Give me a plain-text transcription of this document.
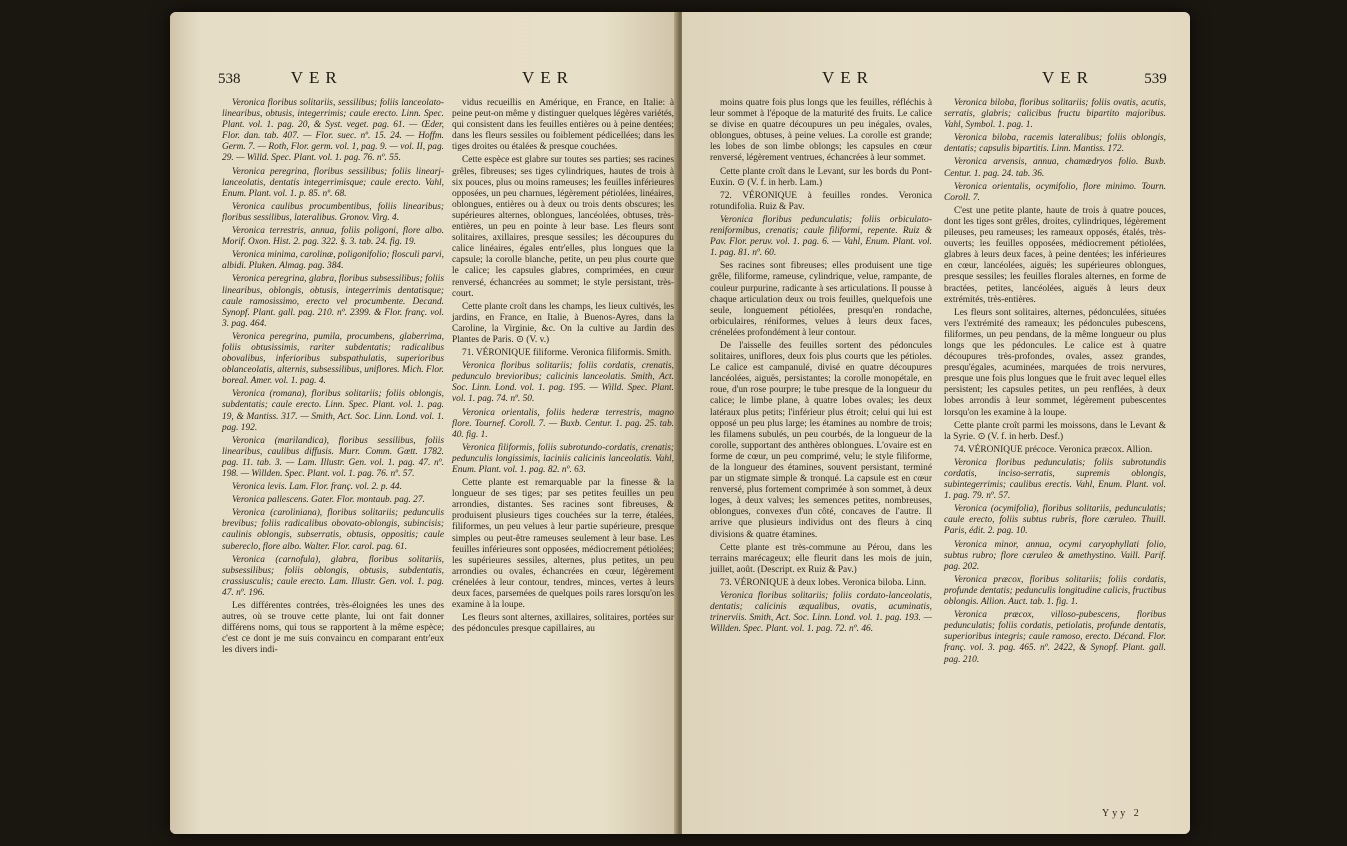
538	VER	VER

Veronica floribus solitariis, sessilibus; foliis lanceolato-linearibus, obtusis, integerrimis; caule erecto. Linn. Spec. Plant. vol. 1. pag. 20, & Syst. veget. pag. 61. — Œder, Flor. dan. tab. 407. — Flor. suec. nº. 15. 24. — Hoffm. Germ. 7. — Roth, Flor. germ. vol. 1, pag. 9. — vol. II, pag. 29. — Willd. Spec. Plant. vol. 1. pag. 76. nº. 55.

Veronica peregrina, floribus sessilibus; foliis linearj-lanceolatis, dentatis integerrimisque; caule erecto. Vahl, Enum. Plant. vol. 1. p. 85. nº. 68.

Veronica caulibus procumbentibus, foliis linearibus; floribus sessilibus, lateralibus. Gronov. Virg. 4.

Veronica terrestris, annua, foliis poligoni, flore albo. Morif. Oxon. Hist. 2. pag. 322. §. 3. tab. 24. fig. 19.

Veronica minima, carolinæ, poligonifolio; flosculi parvi, albidi. Pluken. Almag. pag. 384.

Veronica peregrina, glabra, floribus subsessilibus; foliis linearibus, oblongis, obtusis, integerrimis dentatisque; caule ramosissimo, erecto vel procumbente. Decand. Synopf. Plant. gall. pag. 210. nº. 2399. & Flor. franç. vol. 3. pag. 464.

Veronica peregrina, pumila, procumbens, glaberrima, foliis obtusissimis, rariter subdentatis; radicalibus obovalibus, inferioribus subspathulatis, superioribus oblanceolatis, alternis, subsessilibus, uniflores. Mich. Flor. boreal. Amer. vol. 1. pag. 4.

Veronica (romana), floribus solitariis; foliis oblongis, subdentatis; caule erecto. Linn. Spec. Plant. vol. 1. pag. 19, & Mantiss. 317. — Smith, Act. Soc. Linn. Lond. vol. 1. pag. 192.

Veronica (marilandica), floribus sessilibus, foliis linearibus, caulibus diffusis. Murr. Comm. Gœtt. 1782. pag. 11. tab. 3. — Lam. Illustr. Gen. vol. 1. pag. 47. nº. 198. — Willden. Spec. Plant. vol. 1. pag. 76. nº. 57.

Veronica levis. Lam. Flor. franç. vol. 2. p. 44.

Veronica pallescens. Gater. Flor. montaub. pag. 27.

Veronica (caroliniana), floribus solitariis; pedunculis brevibus; foliis radicalibus obovato-oblongis, subincisis; caulinis oblongis, subserratis, obtusis, oppositis; caule subereclo, flore albo. Walter. Flor. carol. pag. 61.

Veronica (carnofula), glabra, floribus solitariis, subsessilibus; foliis oblongis, obtusis, subdentatis, crassiusculis; caule erecto. Lam. Illustr. Gen. vol. 1. pag. 47. nº. 196.

Les différentes contrées, très-éloignées les unes des autres, où se trouve cette plante, lui ont fait donner différens noms, qui tous se rapportent à la même espèce; c'est ce dont je me suis convaincu en comparant entr'eux les divers indi-

vidus recueillis en Amérique, en France, en Italie: à peine peut-on même y distinguer quelques légères variétés, qui consistent dans les feuilles entières ou à peine dentées; dans les fleurs sessiles ou foiblement pédicellées; dans les tiges droites ou étalées & presque couchées.

Cette espèce est glabre sur toutes ses parties; ses racines grêles, fibreuses; ses tiges cylindriques, hautes de trois à six pouces, plus ou moins rameuses; les feuilles inférieures opposées, un peu charnues, légèrement pétiolées, linéaires, oblongues, entières ou à deux ou trois dents obscures; les supérieures alternes, oblongues, lancéolées, obtuses, très-entières, un peu en pointe à leur base. Les fleurs sont solitaires, axillaires, presque sessiles; les découpures du calice linéaires, égales entr'elles, plus longues que la capsule; la corolle blanche, petite, un peu plus courte que le calice; les capsules glabres, comprimées, en cœur renversé, échancrées au sommet; le style persistant, très-court.

Cette plante croît dans les champs, les lieux cultivés, les jardins, en France, en Italie, à Buenos-Ayres, dans la Caroline, la Virginie, &c. On la cultive au Jardin des Plantes de Paris. ⊙ (V. v.)

71. VÉRONIQUE filiforme. Veronica filiformis. Smith.

Veronica floribus solitariis; foliis cordatis, crenatis, pedunculo brevioribus; calicinis lanceolatis. Smith, Act. Soc. Linn. Lond. vol. 1. pag. 195. — Willd. Spec. Plant. vol. 1. pag. 74. nº. 50.

Veronica orientalis, foliis hederæ terrestris, magno flore. Tournef. Coroll. 7. — Buxb. Centur. 1. pag. 25. tab. 40. fig. 1.

Veronica filiformis, foliis subrotundo-cordatis, crenatis; pedunculis longissimis, laciniis calicinis lanceolatis. Vahl, Enum. Plant. vol. 1. pag. 82. nº. 63.

Cette plante est remarquable par la finesse & la longueur de ses tiges; par ses petites feuilles un peu arrondies, distantes. Ses racines sont fibreuses, & produisent plusieurs tiges couchées sur la terre, étalées, filiformes, un peu velues à leur partie supérieure, presque simples ou peut-être rameuses seulement à leur base. Les feuilles inférieures sont opposées, médiocrement pétiolées; les supérieures sessiles, alternes, plus petites, un peu arrondies ou ovales, échancrées en cœur, légèrement crénelées à leur contour, tendres, minces, vertes à leurs deux faces, parsemées de quelques poils rares lorsqu'on les examine à la loupe.

Les fleurs sont alternes, axillaires, solitaires, portées sur des pédoncules presque capillaires, au

VER	VER	539

moins quatre fois plus longs que les feuilles, réfléchis à leur sommet à l'époque de la maturité des fruits. Le calice se divise en quatre découpures un peu inégales, ovales, oblongues, obtuses, à peine velues. La corolle est grande; les lobes de son limbe oblongs; les capsules en cœur renversé, légèrement ventrues, échancrées à leur sommet.

Cette plante croît dans le Levant, sur les bords du Pont-Euxin. ⊙ (V. f. in herb. Lam.)

72. VÉRONIQUE à feuilles rondes. Veronica rotundifolia. Ruiz & Pav.

Veronica floribus pedunculatis; foliis orbiculato-reniformibus, crenatis; caule filiformi, repente. Ruiz & Pav. Flor. peruv. vol. 1. pag. 6. — Vahl, Enum. Plant. vol. 1. pag. 81. nº. 60.

Ses racines sont fibreuses; elles produisent une tige grêle, filiforme, rameuse, cylindrique, velue, rampante, de couleur purpurine, radicante à ses articulations. Il pousse à chaque articulation deux ou trois feuilles, quelquefois une seule, longuement pétiolées, presqu'en rondache, orbiculaires, réniformes, velues à leurs deux faces, crénelées profondément à leur contour.

De l'aisselle des feuilles sortent des pédoncules solitaires, uniflores, deux fois plus courts que les pétioles. Le calice est campanulé, divisé en quatre découpures lancéolées, aiguës, persistantes; la corolle monopétale, en roue, d'un rose pourpre; le tube presque de la longueur du calice; le limbe plane, à quatre lobes ovales; les deux latéraux plus petits; l'inférieur plus étroit; celui qui lui est opposé un peu plus large; les étamines au nombre de trois; les filamens subulés, un peu courbés, de la longueur de la corolle, supportant des anthères oblongues. L'ovaire est en forme de cœur, un peu comprimé, velu; le style filiforme, de la longueur des étamines, souvent persistant, terminé par un stigmate simple & tronqué. La capsule est en cœur renversé, plus fortement comprimée à son sommet, à deux loges, à deux valves; les semences petites, nombreuses, oblongues, convexes d'un côté, concaves de l'autre. Il arrive que plusieurs individus ont des fleurs à cinq divisions & quatre étamines.

Cette plante est très-commune au Pérou, dans les terrains marécageux; elle fleurit dans les mois de juin, juillet, août. (Descript. ex Ruiz & Pav.)

73. VÉRONIQUE à deux lobes. Veronica biloba. Linn.

Veronica floribus solitariis; foliis cordato-lanceolatis, dentatis; calicinis æqualibus, ovatis, acuminatis, trinerviis. Smith, Act. Soc. Linn. Lond. vol. 1. pag. 193. — Willden. Spec. Plant. vol. 1. pag. 72. nº. 46.

Veronica biloba, floribus solitariis; foliis ovatis, acutis, serratis, glabris; calicibus fructu bipartito majoribus. Vahl, Symbol. 1. pag. 1.

Veronica biloba, racemis lateralibus; foliis oblongis, dentatis; capsulis bipartitis. Linn. Mantiss. 172.

Veronica arvensis, annua, chamædryos folio. Buxb. Centur. 1. pag. 24. tab. 36.

Veronica orientalis, ocymifolio, flore minimo. Tourn. Coroll. 7.

C'est une petite plante, haute de trois à quatre pouces, dont les tiges sont grêles, droites, cylindriques, légèrement pileuses, peu rameuses; les rameaux opposés, étalés, très-ouverts; les feuilles opposées, médiocrement pétiolées, glabres à leurs deux faces, à peine dentées; les inférieures en cœur, lancéolées, aiguës; les supérieures oblongues, presque sessiles; les feuilles florales alternes, en forme de bractées, petites, lancéolées, aiguës à leurs deux extrémités, très-entières.

Les fleurs sont solitaires, alternes, pédonculées, situées vers l'extrémité des rameaux; les pédoncules pubescens, filiformes, un peu pendans, de la même longueur ou plus longs que les pédoncules. Le calice est à quatre découpures très-profondes, ovales, assez grandes, presqu'égales, acuminées, marquées de trois nervures, presque une fois plus longues que le fruit avec lequel elles persistent; les capsules petites, un peu renflées, à deux lobes arrondis à leur sommet, légèrement pubescentes lorsqu'on les examine à la loupe.

Cette plante croît parmi les moissons, dans le Levant & la Syrie. ⊙ (V. f. in herb. Desf.)

74. VÉRONIQUE précoce. Veronica præcox. Allion.

Veronica floribus pedunculatis; foliis subrotundis cordatis, inciso-serratis, supremis oblongis, subintegerrimis; caulibus erectis. Vahl, Enum. Plant. vol. 1. pag. 79. nº. 57.

Veronica (ocymifolia), floribus solitariis, pedunculatis; caule erecto, foliis subtus rubris, flore cæruleo. Thuill. Paris, édit. 2. pag. 10.

Veronica minor, annua, ocymi caryophyllati folio, subtus rubro; flore cæruleo & amethystino. Vaill. Parif. pag. 202.

Veronica præcox, floribus solitariis; foliis cordatis, profunde dentatis; pedunculis longitudine calicis, fructibus oblongis. Allion. Auct. tab. 1. fig. 1.

Veronica præcox, villoso-pubescens, floribus pedunculatis; foliis cordatis, petiolatis, profunde dentatis, superioribus integris; caule ramoso, erecto. Décand. Flor. franç. vol. 3. pag. 465. nº. 2422, & Synopf. Plant. gall. pag. 210.

Yyy 2
